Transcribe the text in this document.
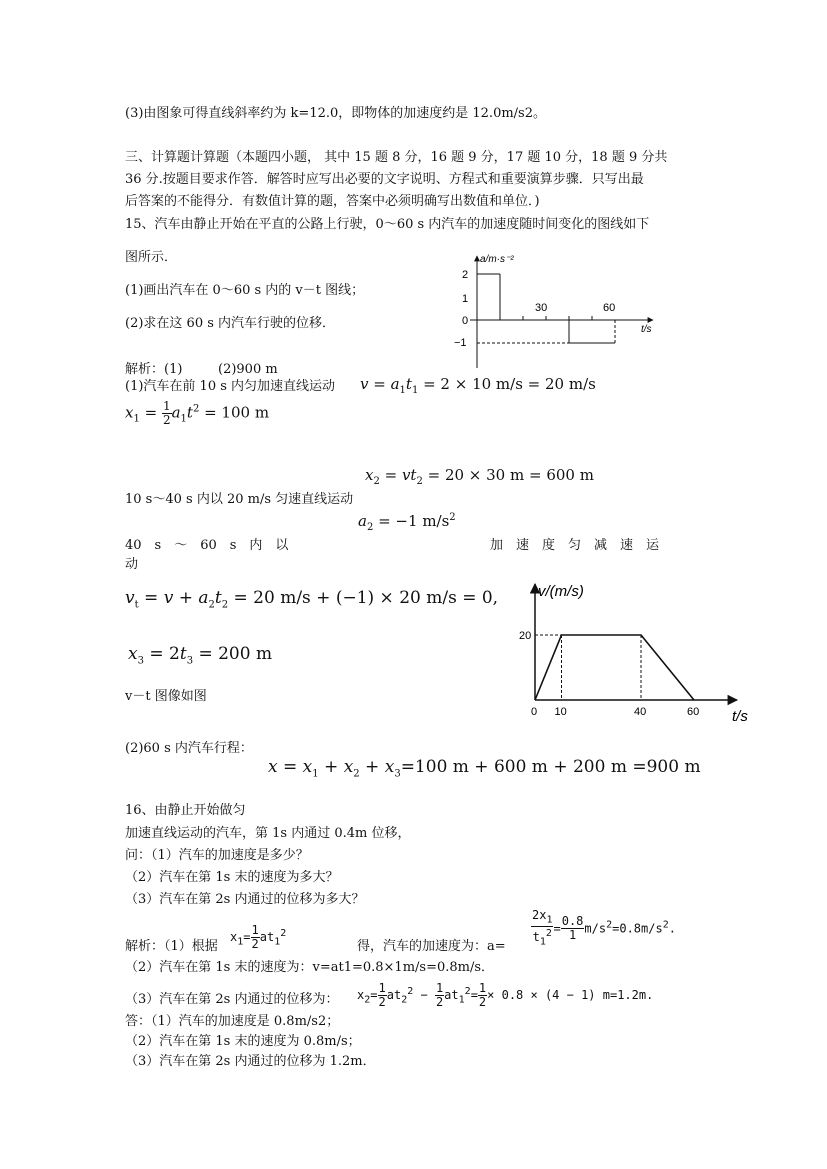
(3)由图象可得直线斜率约为 k=12.0，即物体的加速度约是 12.0m/s2。
三、计算题计算题（本题四小题， 其中 15 题 8 分，16 题 9 分，17 题 10 分，18 题 9 分共
36 分.按题目要求作答．解答时应写出必要的文字说明、方程式和重要演算步骤．只写出最
后答案的不能得分．有数值计算的题，答案中必须明确写出数值和单位．)
15、汽车由静止开始在平直的公路上行驶，0～60 s 内汽车的加速度随时间变化的图线如下
图所示．
(1)画出汽车在 0～60 s 内的 v－t 图线；
(2)求在这 60 s 内汽车行驶的位移．
a/m·s⁻²
t/s
2
1
0
−1
30	60
解析：(1)	(2)900 m
(1)汽车在前 10 s 内匀加速直线运动 $v = a_1t_1 = 2 \times 10$ m/s = 20 m/s
$x_1 = \frac{1}{2} a_1t^2 = 100$ m
$x_2 = vt_2 = 20 \times 30$ m = 600 m
10 s～40 s 内以 20 m/s 匀速直线运动
$a_2 = -1$ $m/s^2$
40　s　～　60　s　内　以	加　速　度　匀　减　速　运
动
$v_t = v + a_2t_2 = 20$ m/s + (−1) × 20 m/s = 0,
$x_3 = 2t_3 = 200$ m
v－t 图像如图
v/(m/s)
t/s
20
0 10	40	60
(2)60 s 内汽车行程：
$x = x_1 + x_2 + x_3=100$ m + 600 m + 200 m =900 m
16、由静止开始做匀
加速直线运动的汽车，第 1s 内通过 0.4m 位移，
问：（1）汽车的加速度是多少？
（2）汽车在第 1s 末的速度为多大？
（3）汽车在第 2s 内通过的位移为多大？
解析：（1）根据
$x_1= \frac{1}{2} at_1^2$
得，汽车的加速度为：$a= \frac{2x_1}{t_1^2} = \frac{0.8}{1} m/s^2=0.8m/s^2$.
（2）汽车在第 1s 末的速度为：v=at1=0.8×1m/s=0.8m/s．
（3）汽车在第 2s 内通过的位移为： $x_2= \frac{1}{2} at_2^2 - \frac{1}{2} at_1^2= \frac{1}{2} \times 0.8 \times (4 - 1)$ m=1.2m.
答：（1）汽车的加速度是 0.8m/s2；
（2）汽车在第 1s 末的速度为 0.8m/s；
（3）汽车在第 2s 内通过的位移为 1.2m．
